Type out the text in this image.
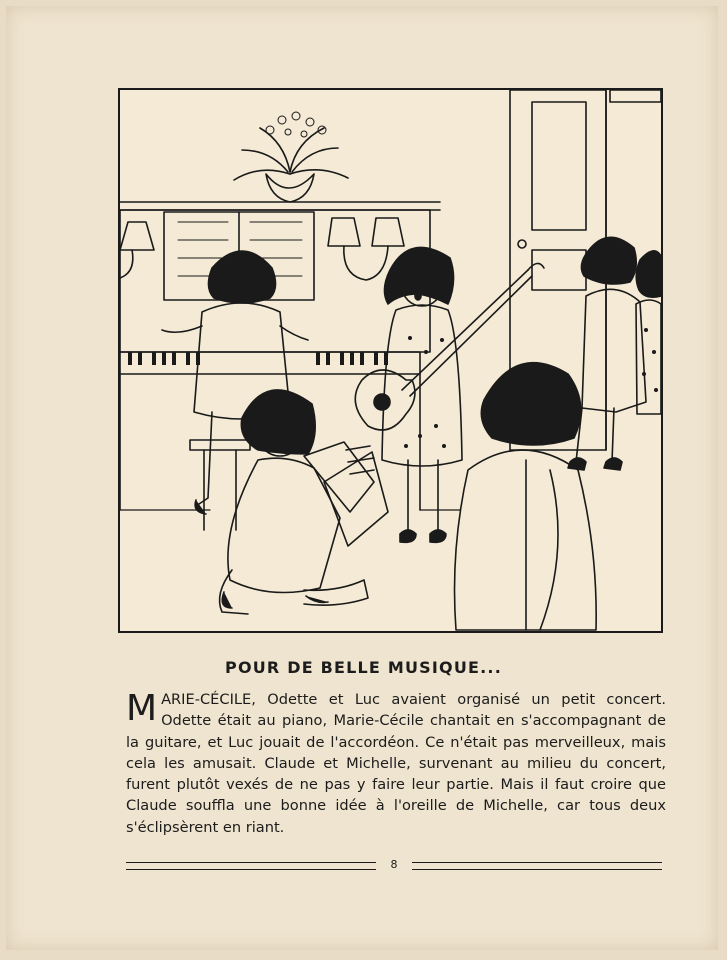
POUR DE BELLE MUSIQUE...

MARIE-CÉCILE, Odette et Luc avaient organisé un petit concert. Odette était au piano, Marie-Cécile chantait en s'accompagnant de la guitare, et Luc jouait de l'accordéon. Ce n'était pas merveilleux, mais cela les amusait. Claude et Michelle, survenant au milieu du concert, furent plutôt vexés de ne pas y faire leur partie. Mais il faut croire que Claude souffla une bonne idée à l'oreille de Michelle, car tous deux s'éclipsèrent en riant.

8
